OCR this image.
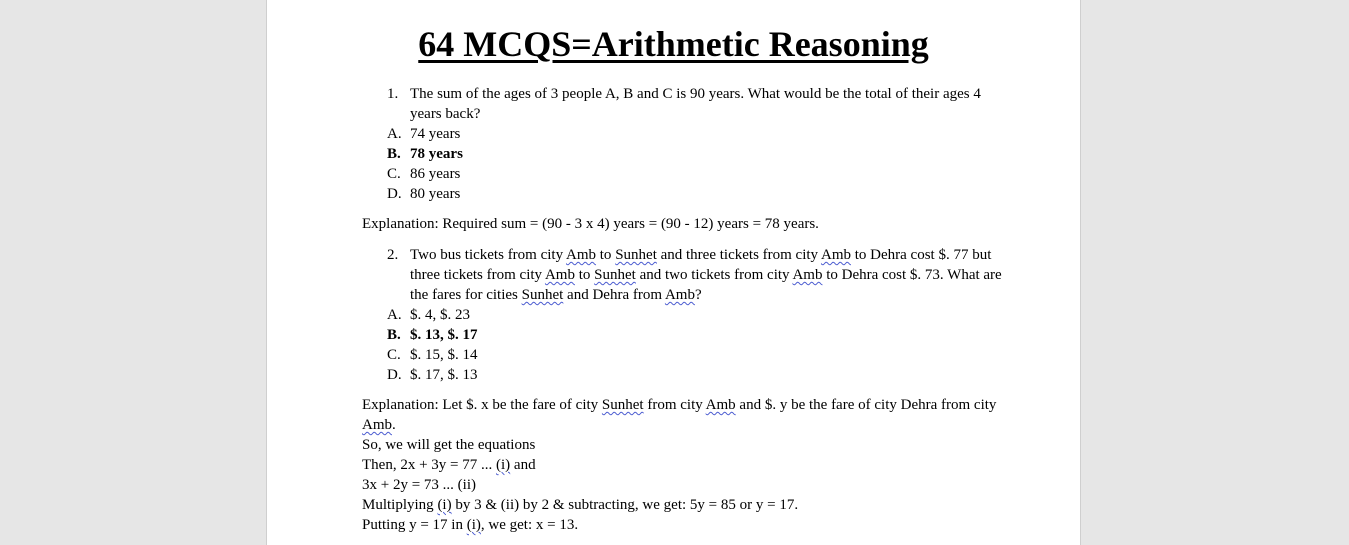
64 MCQS=Arithmetic Reasoning
1. The sum of the ages of 3 people A, B and C is 90 years. What would be the total of their ages 4 years back?
A. 74 years
B. 78 years
C. 86 years
D. 80 years
Explanation: Required sum = (90 - 3 x 4) years = (90 - 12) years = 78 years.
2. Two bus tickets from city Amb to Sunhet and three tickets from city Amb to Dehra cost $. 77 but three tickets from city Amb to Sunhet and two tickets from city Amb to Dehra cost $. 73. What are the fares for cities Sunhet and Dehra from Amb?
A. $. 4, $. 23
B. $. 13, $. 17
C. $. 15, $. 14
D. $. 17, $. 13
Explanation: Let $. x be the fare of city Sunhet from city Amb and $. y be the fare of city Dehra from city Amb.
So, we will get the equations
Then, 2x + 3y = 77 ... (i) and
3x + 2y = 73 ... (ii)
Multiplying (i) by 3 & (ii) by 2 & subtracting, we get: 5y = 85 or y = 17.
Putting y = 17 in (i), we get: x = 13.
